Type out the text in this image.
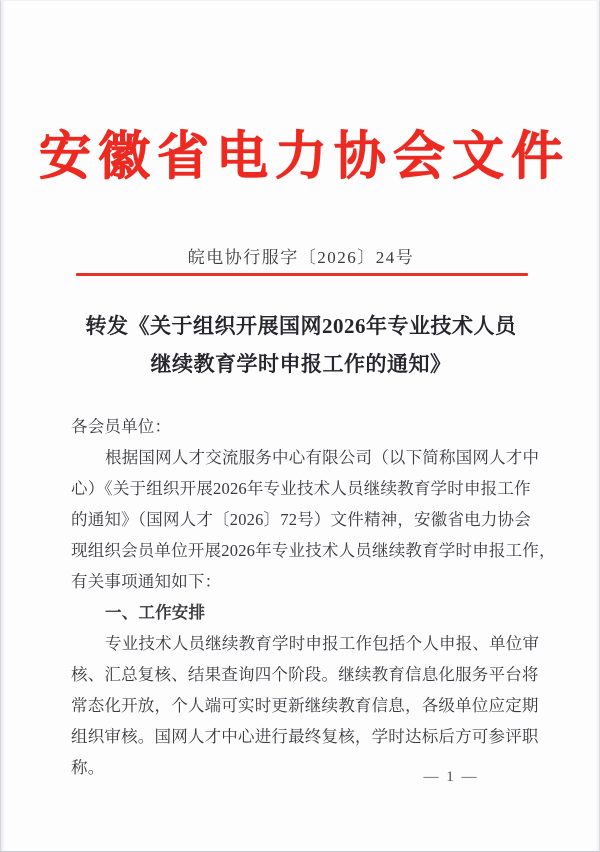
安徽省电力协会文件
皖电协行服字〔2026〕24号
转发《关于组织开展国网2026年专业技术人员
继续教育学时申报工作的通知》
各会员单位：
根据国网人才交流服务中心有限公司（以下简称国网人才中
心）《关于组织开展2026年专业技术人员继续教育学时申报工作
的通知》（国网人才〔2026〕72号）文件精神，安徽省电力协会
现组织会员单位开展2026年专业技术人员继续教育学时申报工作，
有关事项通知如下：
一、工作安排
专业技术人员继续教育学时申报工作包括个人申报、单位审
核、汇总复核、结果查询四个阶段。继续教育信息化服务平台将
常态化开放，个人端可实时更新继续教育信息，各级单位应定期
组织审核。国网人才中心进行最终复核，学时达标后方可参评职
称。	— 1 —
